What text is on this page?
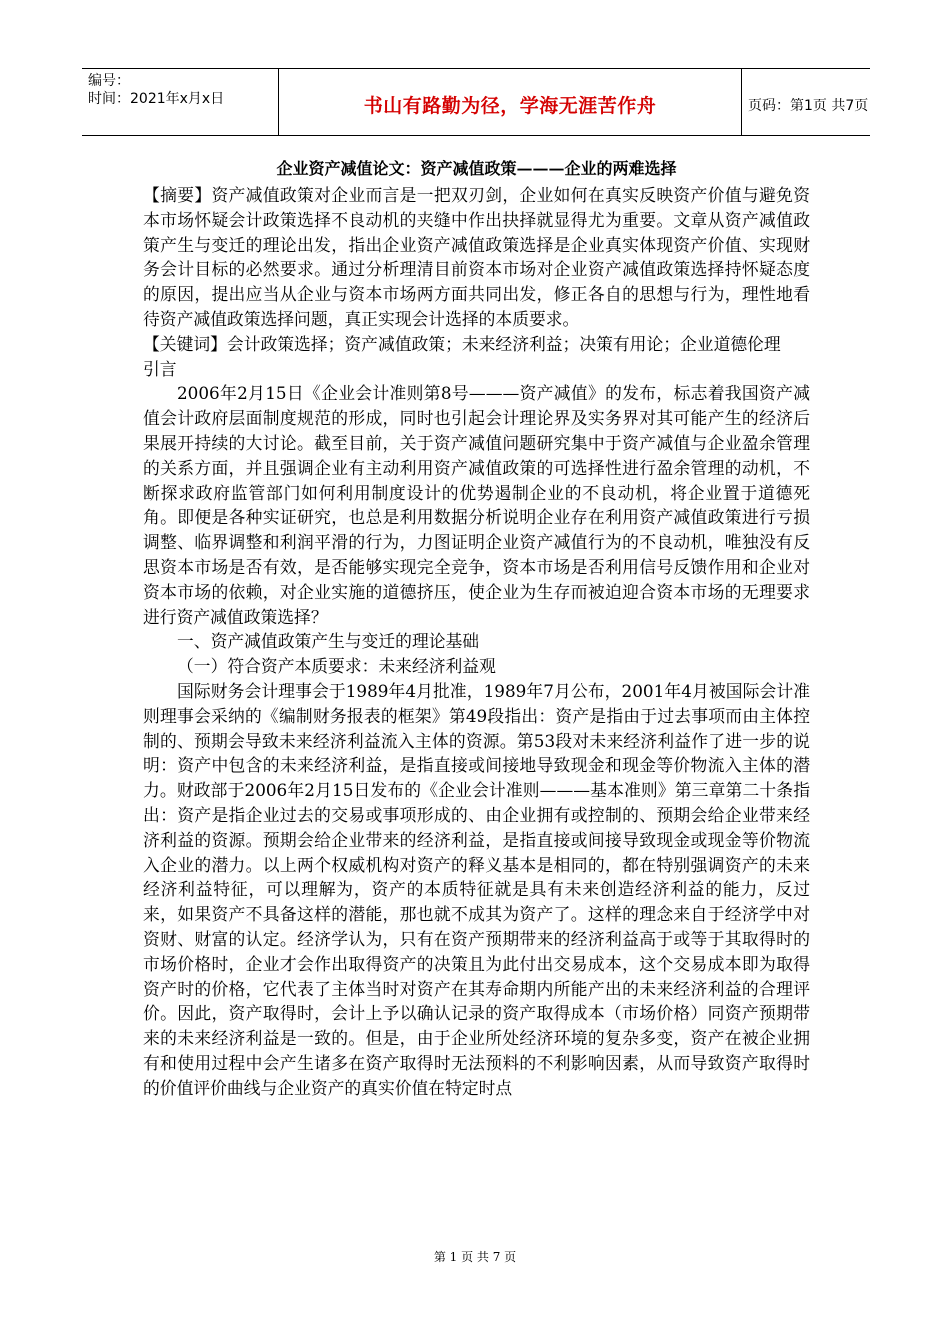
编号：
时间：2021年x月x日	书山有路勤为径，学海无涯苦作舟	页码：第1页 共7页
企业资产减值论文：资产减值政策———企业的两难选择

【摘要】资产减值政策对企业而言是一把双刃剑，企业如何在真实反映资产价值与避免资本市场怀疑会计政策选择不良动机的夹缝中作出抉择就显得尤为重要。文章从资产减值政策产生与变迁的理论出发，指出企业资产减值政策选择是企业真实体现资产价值、实现财务会计目标的必然要求。通过分析理清目前资本市场对企业资产减值政策选择持怀疑态度的原因，提出应当从企业与资本市场两方面共同出发，修正各自的思想与行为，理性地看待资产减值政策选择问题，真正实现会计选择的本质要求。

【关键词】会计政策选择；资产减值政策；未来经济利益；决策有用论；企业道德伦理

引言

2006年2月15日《企业会计准则第8号———资产减值》的发布，标志着我国资产减值会计政府层面制度规范的形成，同时也引起会计理论界及实务界对其可能产生的经济后果展开持续的大讨论。截至目前，关于资产减值问题研究集中于资产减值与企业盈余管理的关系方面，并且强调企业有主动利用资产减值政策的可选择性进行盈余管理的动机，不断探求政府监管部门如何利用制度设计的优势遏制企业的不良动机，将企业置于道德死角。即便是各种实证研究，也总是利用数据分析说明企业存在利用资产减值政策进行亏损调整、临界调整和利润平滑的行为，力图证明企业资产减值行为的不良动机，唯独没有反思资本市场是否有效，是否能够实现完全竞争，资本市场是否利用信号反馈作用和企业对资本市场的依赖，对企业实施的道德挤压，使企业为生存而被迫迎合资本市场的无理要求进行资产减值政策选择？

一、资产减值政策产生与变迁的理论基础

（一）符合资产本质要求：未来经济利益观

国际财务会计理事会于1989年4月批准，1989年7月公布，2001年4月被国际会计准则理事会采纳的《编制财务报表的框架》第49段指出：资产是指由于过去事项而由主体控制的、预期会导致未来经济利益流入主体的资源。第53段对未来经济利益作了进一步的说明：资产中包含的未来经济利益，是指直接或间接地导致现金和现金等价物流入主体的潜力。财政部于2006年2月15日发布的《企业会计准则———基本准则》第三章第二十条指出：资产是指企业过去的交易或事项形成的、由企业拥有或控制的、预期会给企业带来经济利益的资源。预期会给企业带来的经济利益，是指直接或间接导致现金或现金等价物流入企业的潜力。以上两个权威机构对资产的释义基本是相同的，都在特别强调资产的未来经济利益特征，可以理解为，资产的本质特征就是具有未来创造经济利益的能力，反过来，如果资产不具备这样的潜能，那也就不成其为资产了。这样的理念来自于经济学中对资财、财富的认定。经济学认为，只有在资产预期带来的经济利益高于或等于其取得时的市场价格时，企业才会作出取得资产的决策且为此付出交易成本，这个交易成本即为取得资产时的价格，它代表了主体当时对资产在其寿命期内所能产出的未来经济利益的合理评价。因此，资产取得时，会计上予以确认记录的资产取得成本（市场价格）同资产预期带来的未来经济利益是一致的。但是，由于企业所处经济环境的复杂多变，资产在被企业拥有和使用过程中会产生诸多在资产取得时无法预料的不利影响因素，从而导致资产取得时的价值评价曲线与企业资产的真实价值在特定时点

第 1 页 共 7 页
